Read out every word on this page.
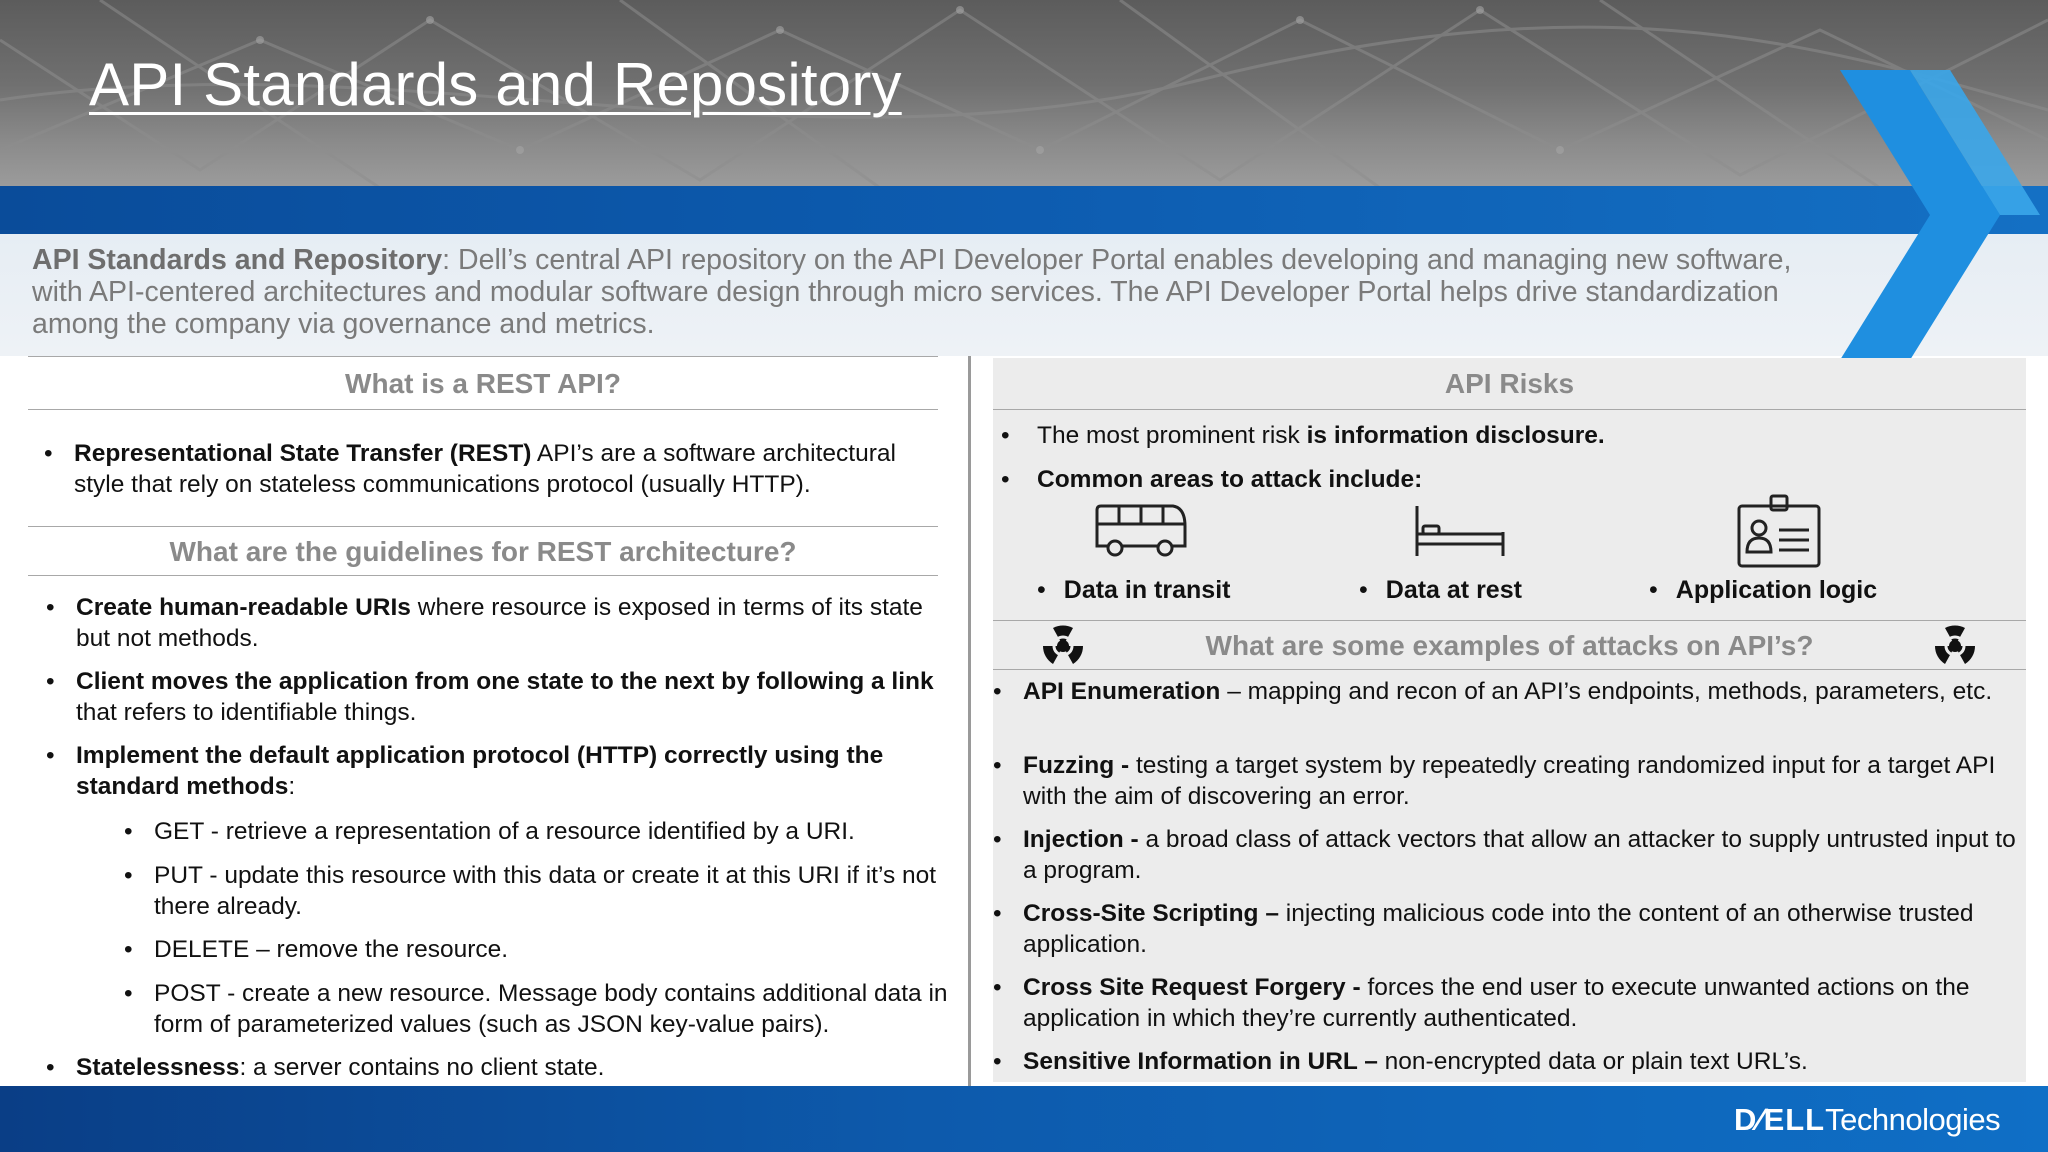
API Standards and Repository
API Standards and Repository: Dell’s central API repository on the API Developer Portal enables developing and managing new software, with API-centered architectures and modular software design through micro services. The API Developer Portal helps drive standardization among the company via governance and metrics.
What is a REST API?
• Representational State Transfer (REST) API’s are a software architectural style that rely on stateless communications protocol (usually HTTP).
What are the guidelines for REST architecture?
• Create human-readable URIs where resource is exposed in terms of its state but not methods.
• Client moves the application from one state to the next by following a link that refers to identifiable things.
• Implement the default application protocol (HTTP) correctly using the standard methods:
• GET - retrieve a representation of a resource identified by a URI.
• PUT - update this resource with this data or create it at this URI if it’s not there already.
• DELETE – remove the resource.
• POST - create a new resource. Message body contains additional data in form of parameterized values (such as JSON key-value pairs).
• Statelessness: a server contains no client state.
API Risks
•	The most prominent risk is information disclosure.
•	Common areas to attack include:
• Data in transit	• Data at rest	• Application logic
What are some examples of attacks on API’s?
• API Enumeration – mapping and recon of an API’s endpoints, methods, parameters, etc.
• Fuzzing - testing a target system by repeatedly creating randomized input for a target API with the aim of discovering an error.
• Injection - a broad class of attack vectors that allow an attacker to supply untrusted input to a program.
• Cross-Site Scripting – injecting malicious code into the content of an otherwise trusted application.
• Cross Site Request Forgery - forces the end user to execute unwanted actions on the application in which they’re currently authenticated.
• Sensitive Information in URL – non-encrypted data or plain text URL’s.
D∕ELLTechnologies
